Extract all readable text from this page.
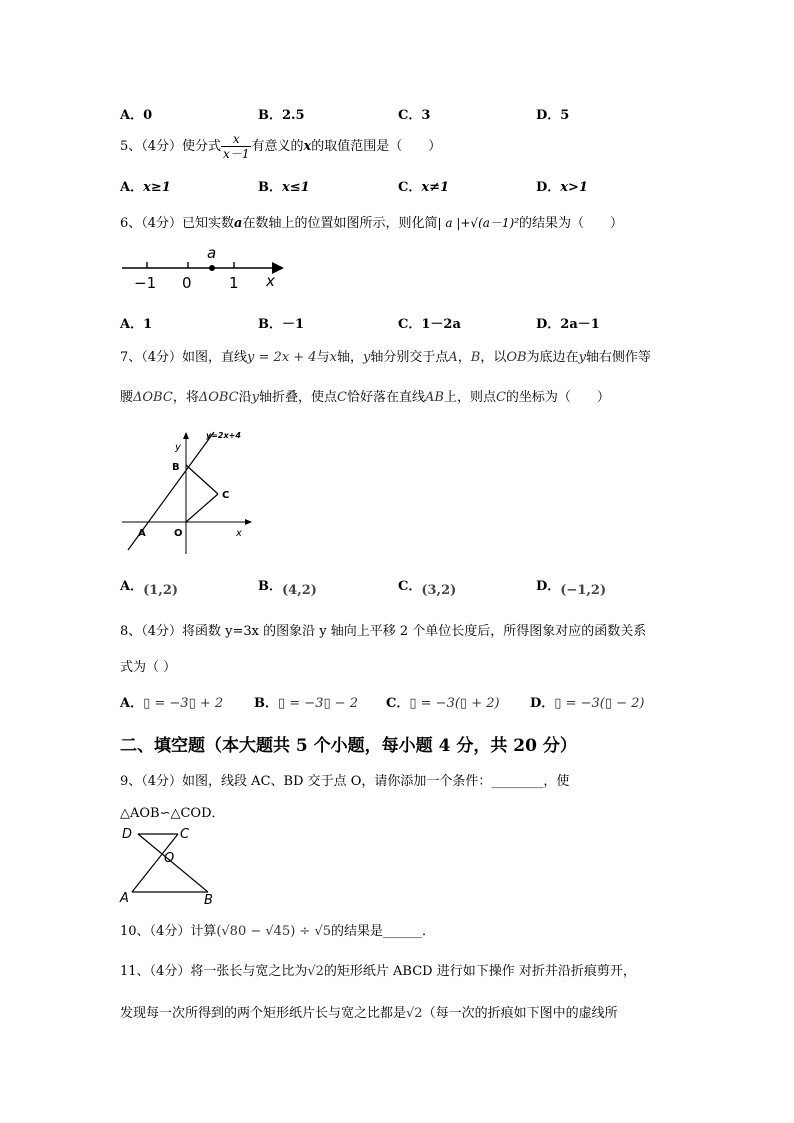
A．0	B．2.5	C．3	D．5
5、（4分）使分式 $\frac{x}{x-1}$ 有意义的x的取值范围是（　　）
A．x≥1	B．x≤1	C．x≠1	D．x>1
6、（4分）已知实数a在数轴上的位置如图所示，则化简| a |+√(a－1)²的结果为（　　）
a
−1 0 1 x
A．1	B．－1	C．1－2a	D．2a－1
7、（4分）如图，直线y = 2x + 4与x轴，y轴分别交于点A，B，以OB为底边在y轴右侧作等
腰ΔOBC，将ΔOBC沿y轴折叠，使点C恰好落在直线AB上，则点C的坐标为（　　）
y=2x+4
y
B
C
A	O	x
A．(1,2)	B．(4,2)	C．(3,2)	D．(−1,2)
8、（4分）将函数 y=3x 的图象沿 y 轴向上平移 2 个单位长度后，所得图象对应的函数关系
式为（ ）
A．▯ = −3▯ + 2 B．▯ = −3▯ − 2 C．▯ = −3(▯ + 2) D．▯ = −3(▯ − 2)
二、填空题（本大题共 5 个小题，每小题 4 分，共 20 分）
9、（4分）如图，线段 AC、BD 交于点 O，请你添加一个条件：________，使
△AOB∽△COD．
D	C
O
A	B
10、（4分）计算(√80 − √45) ÷ √5的结果是______．
11、（4分）将一张长与宽之比为√2的矩形纸片 ABCD 进行如下操作 对折并沿折痕剪开，
发现每一次所得到的两个矩形纸片长与宽之比都是√2（每一次的折痕如下图中的虚线所
